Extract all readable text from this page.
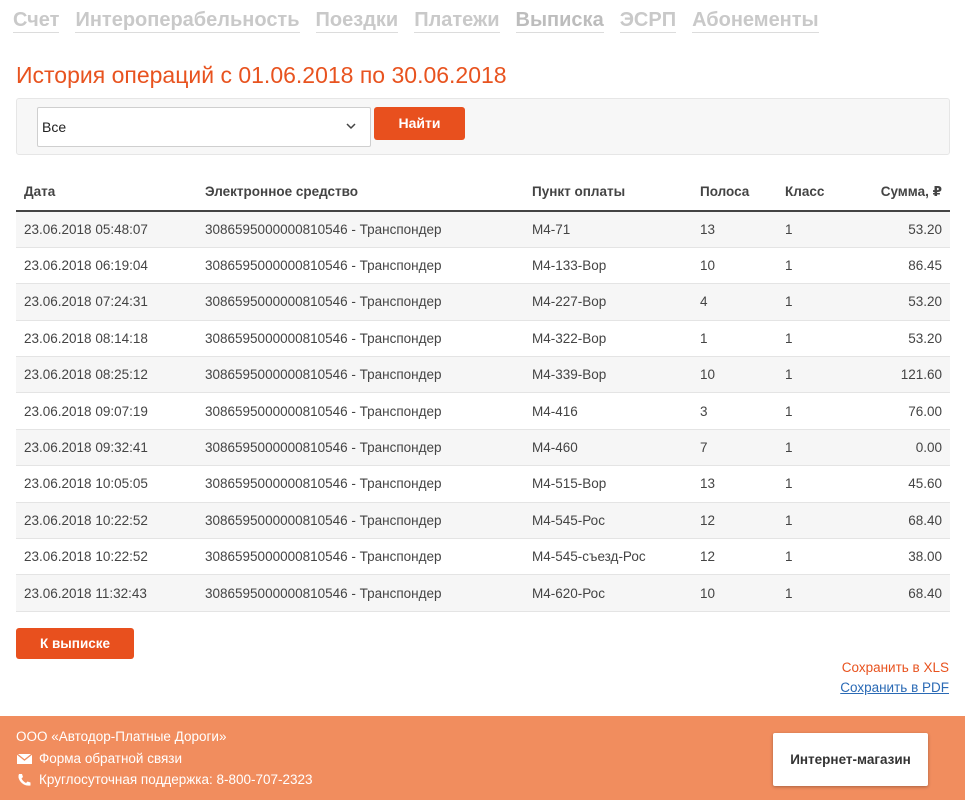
Счет Интероперабельность Поездки Платежи Выписка ЭСРП Абонементы
История операций с 01.06.2018 по 30.06.2018
Все	Найти
Дата	Электронное средство	Пункт оплаты	Полоса	Класс	Сумма, ₽
23.06.2018 05:48:07	3086595000000810546 - Транспондер	М4-71	13	1	53.20
23.06.2018 06:19:04	3086595000000810546 - Транспондер	М4-133-Вор	10	1	86.45
23.06.2018 07:24:31	3086595000000810546 - Транспондер	М4-227-Вор	4	1	53.20
23.06.2018 08:14:18	3086595000000810546 - Транспондер	М4-322-Вор	1	1	53.20
23.06.2018 08:25:12	3086595000000810546 - Транспондер	М4-339-Вор	10	1	121.60
23.06.2018 09:07:19	3086595000000810546 - Транспондер	М4-416	3	1	76.00
23.06.2018 09:32:41	3086595000000810546 - Транспондер	М4-460	7	1	0.00
23.06.2018 10:05:05	3086595000000810546 - Транспондер	М4-515-Вор	13	1	45.60
23.06.2018 10:22:52	3086595000000810546 - Транспондер	М4-545-Рос	12	1	68.40
23.06.2018 10:22:52	3086595000000810546 - Транспондер	М4-545-съезд-Рос	12	1	38.00
23.06.2018 11:32:43	3086595000000810546 - Транспондер	М4-620-Рос	10	1	68.40
К выписке
Сохранить в XLS
Сохранить в PDF
ООО «Автодор-Платные Дороги»
Форма обратной связи
Круглосуточная поддержка: 8-800-707-2323
Интернет-магазин
